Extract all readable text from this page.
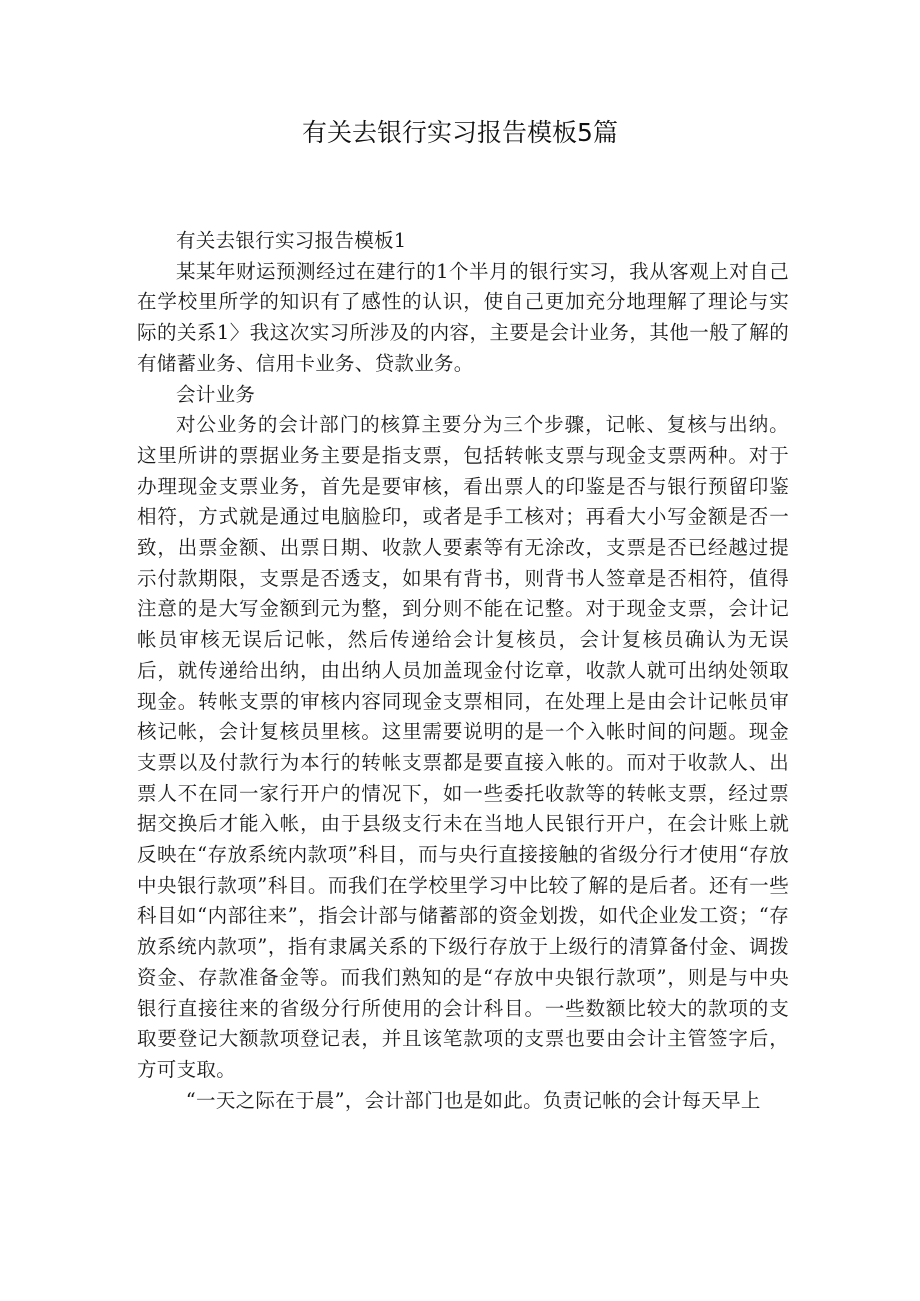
有关去银行实习报告模板5篇

有关去银行实习报告模板1

某某年财运预测经过在建行的1个半月的银行实习，我从客观上对自己在学校里所学的知识有了感性的认识，使自己更加充分地理解了理论与实际的关系1〉我这次实习所涉及的内容，主要是会计业务，其他一般了解的有储蓄业务、信用卡业务、贷款业务。

会计业务

对公业务的会计部门的核算主要分为三个步骤，记帐、复核与出纳。这里所讲的票据业务主要是指支票，包括转帐支票与现金支票两种。对于办理现金支票业务，首先是要审核，看出票人的印鉴是否与银行预留印鉴相符，方式就是通过电脑脸印，或者是手工核对；再看大小写金额是否一致，出票金额、出票日期、收款人要素等有无涂改，支票是否已经越过提示付款期限，支票是否透支，如果有背书，则背书人签章是否相符，值得注意的是大写金额到元为整，到分则不能在记整。对于现金支票，会计记帐员审核无误后记帐，然后传递给会计复核员，会计复核员确认为无误后，就传递给出纳，由出纳人员加盖现金付讫章，收款人就可出纳处领取现金。转帐支票的审核内容同现金支票相同，在处理上是由会计记帐员审核记帐，会计复核员里核。这里需要说明的是一个入帐时间的问题。现金支票以及付款行为本行的转帐支票都是要直接入帐的。而对于收款人、出票人不在同一家行开户的情况下，如一些委托收款等的转帐支票，经过票据交换后才能入帐，由于县级支行未在当地人民银行开户，在会计账上就反映在“存放系统内款项”科目，而与央行直接接触的省级分行才使用“存放中央银行款项”科目。而我们在学校里学习中比较了解的是后者。还有一些科目如“内部往来”，指会计部与储蓄部的资金划拨，如代企业发工资；“存放系统内款项”，指有隶属关系的下级行存放于上级行的清算备付金、调拨资金、存款准备金等。而我们熟知的是“存放中央银行款项”，则是与中央银行直接往来的省级分行所使用的会计科目。一些数额比较大的款项的支取要登记大额款项登记表，并且该笔款项的支票也要由会计主管签字后，方可支取。

“一天之际在于晨”，会计部门也是如此。负责记帐的会计每天早上
